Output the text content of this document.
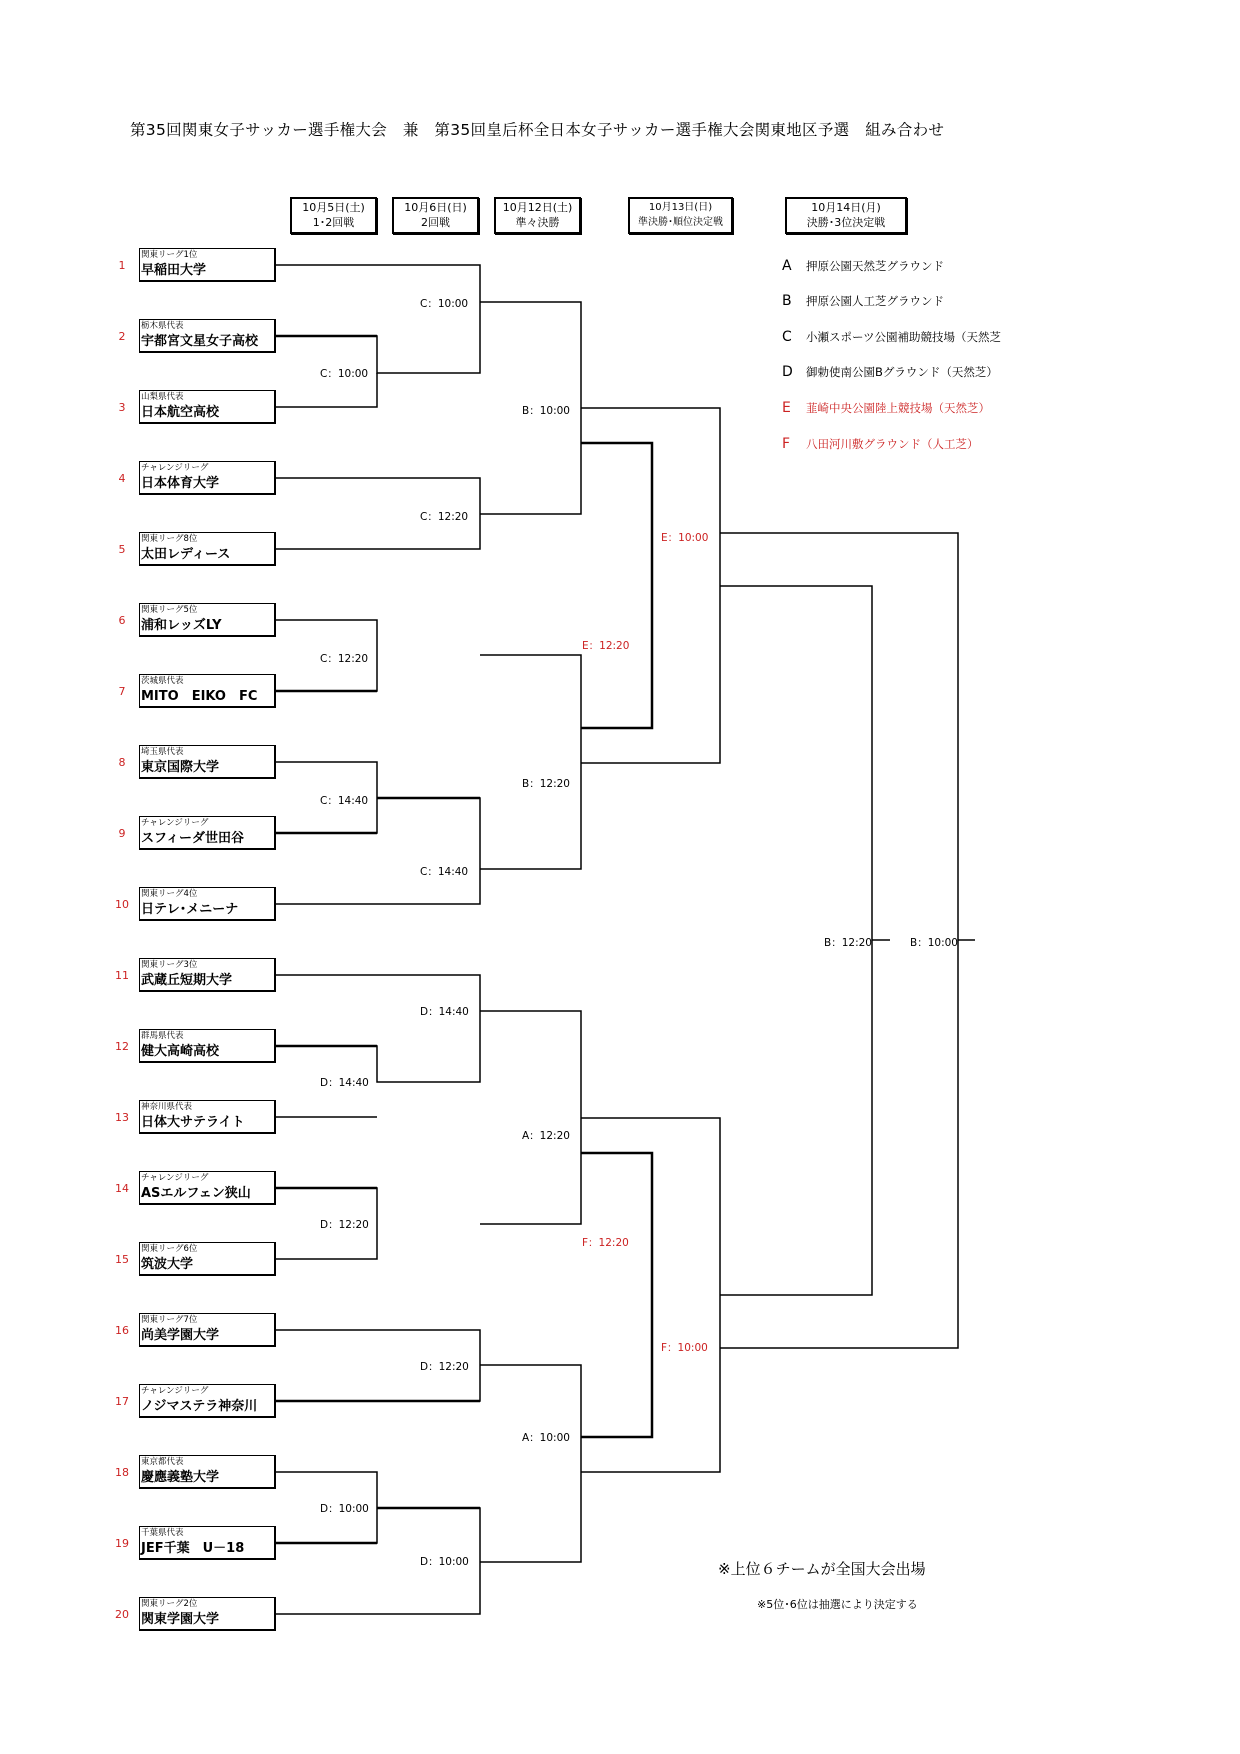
第35回関東女子サッカー選手権大会　兼　第35回皇后杯全日本女子サッカー選手権大会関東地区予選　組み合わせ
10月5日(土)
1･2回戦
10月6日(日)
2回戦
10月12日(土)
準々決勝
10月13日(日)
準決勝･順位決定戦
10月14日(月)
決勝･3位決定戦
1
関東リーグ1位
早稲田大学
2
栃木県代表
宇都宮文星女子高校
3
山梨県代表
日本航空高校
4
チャレンジリーグ
日本体育大学
5
関東リーグ8位
太田レディース
6
関東リーグ5位
浦和レッズLY
7
茨城県代表
MITO　EIKO　FC
8
埼玉県代表
東京国際大学
9
チャレンジリーグ
スフィーダ世田谷
10
関東リーグ4位
日テレ･メニーナ
11
関東リーグ3位
武蔵丘短期大学
12
群馬県代表
健大高崎高校
13
神奈川県代表
日体大サテライト
14
チャレンジリーグ
ASエルフェン狭山
15
関東リーグ6位
筑波大学
16
関東リーグ7位
尚美学園大学
17
チャレンジリーグ
ノジマステラ神奈川
18
東京都代表
慶應義塾大学
19
千葉県代表
JEF千葉　U－18
20
関東リーグ2位
関東学園大学
C：10:00
C：10:00
C：12:20
C：12:20
C：14:40
C：14:40
B：10:00
B：12:20
E：12:20
E：10:00
B：12:20	B：10:00
D：14:40
D：14:40
A：12:20
D：12:20
F：12:20
F：10:00
D：12:20
A：10:00
D：10:00
D：10:00
A 押原公園天然芝グラウンド
B 押原公園人工芝グラウンド
C 小瀬スポーツ公園補助競技場（天然芝
D 御勅使南公園Bグラウンド（天然芝）
E 韮崎中央公園陸上競技場（天然芝）
F 八田河川敷グラウンド（人工芝）
※上位６チームが全国大会出場
※5位･6位は抽選により決定する
